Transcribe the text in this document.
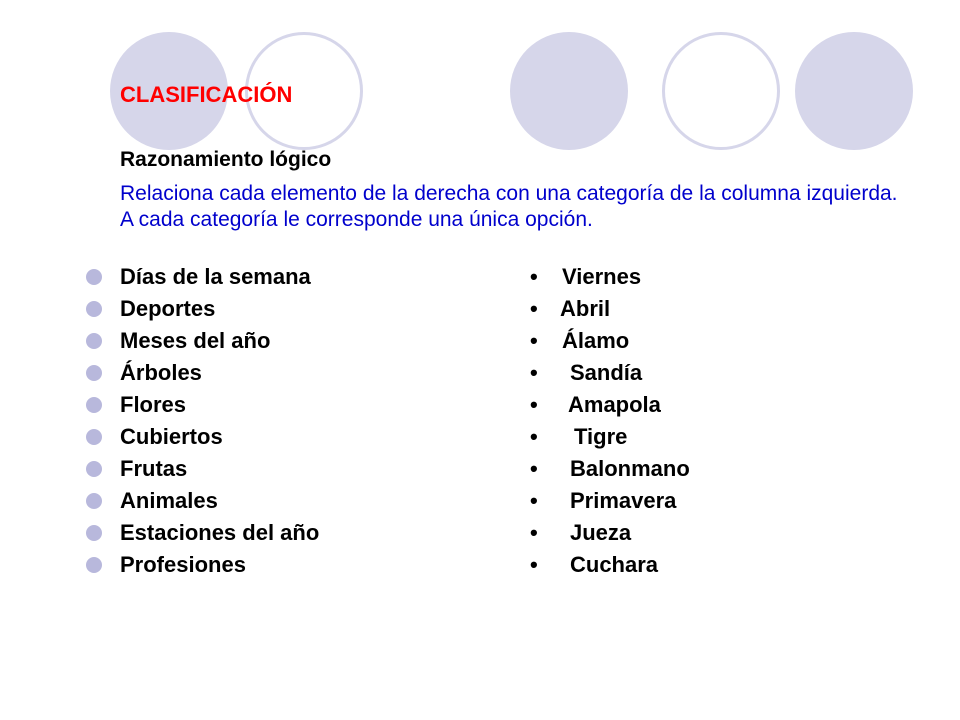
CLASIFICACIÓN
Razonamiento lógico
Relaciona cada elemento de la derecha con una categoría de la columna izquierda. A cada categoría le corresponde una única opción.
Días de la semana
Deportes
Meses del año
Árboles
Flores
Cubiertos
Frutas
Animales
Estaciones del año
Profesiones
• Viernes
• Abril
• Álamo
• Sandía
• Amapola
• Tigre
• Balonmano
• Primavera
• Jueza
• Cuchara
